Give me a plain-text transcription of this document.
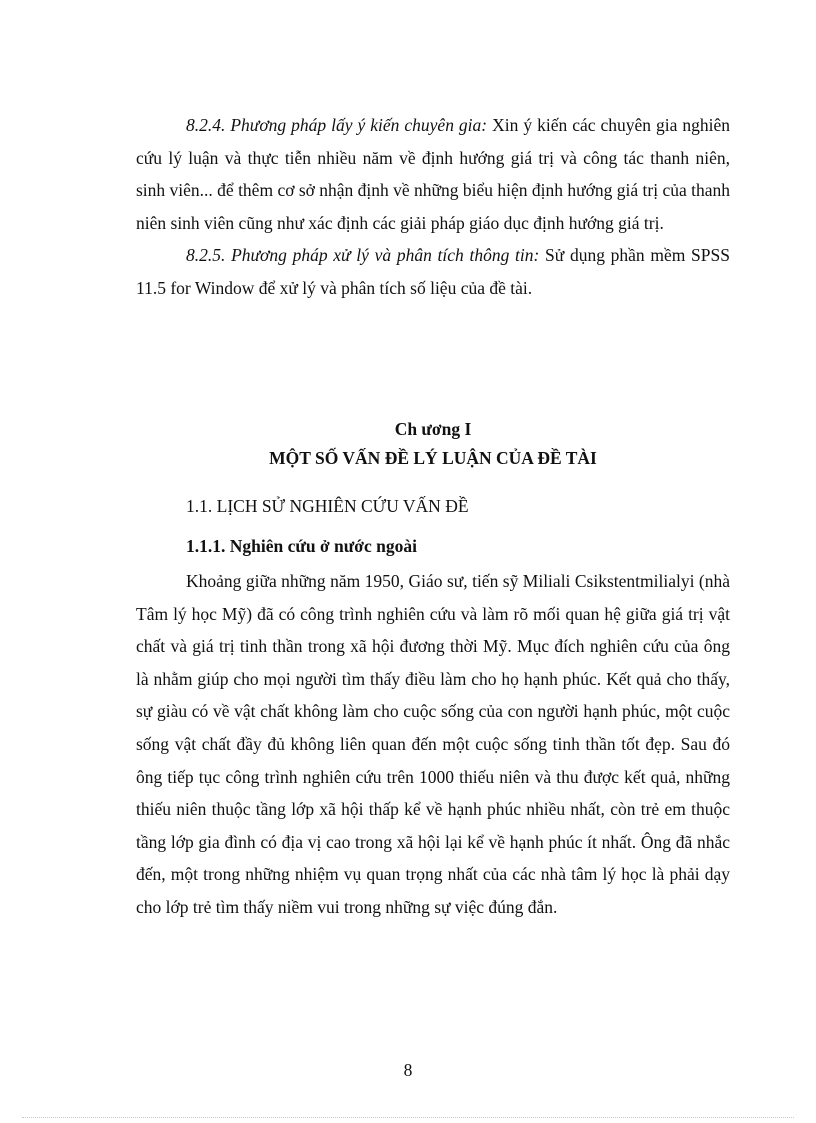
8.2.4. Phương pháp lấy ý kiến chuyên gia: Xin ý kiến các chuyên gia nghiên cứu lý luận và thực tiễn nhiều năm về định hướng giá trị và công tác thanh niên, sinh viên... để thêm cơ sở nhận định về những biểu hiện định hướng giá trị của thanh niên sinh viên cũng như xác định các giải pháp giáo dục định hướng giá trị.

8.2.5. Phương pháp xử lý và phân tích thông tin: Sử dụng phần mềm SPSS 11.5 for Window để xử lý và phân tích số liệu của đề tài.

Ch ương I

MỘT SỐ VẤN ĐỀ LÝ LUẬN CỦA ĐỀ TÀI

1.1. LỊCH SỬ NGHIÊN CỨU VẤN ĐỀ

1.1.1. Nghiên cứu ở nước ngoài

Khoảng giữa những năm 1950, Giáo sư, tiến sỹ Miliali Csikstentmilialyi (nhà Tâm lý học Mỹ) đã có công trình nghiên cứu và làm rõ mối quan hệ giữa giá trị vật chất và giá trị tinh thần trong xã hội đương thời Mỹ. Mục đích nghiên cứu của ông là nhằm giúp cho mọi người tìm thấy điều làm cho họ hạnh phúc. Kết quả cho thấy, sự giàu có về vật chất không làm cho cuộc sống của con người hạnh phúc, một cuộc sống vật chất đầy đủ không liên quan đến một cuộc sống tinh thần tốt đẹp. Sau đó ông tiếp tục công trình nghiên cứu trên 1000 thiếu niên và thu được kết quả, những thiếu niên thuộc tầng lớp xã hội thấp kể về hạnh phúc nhiều nhất, còn trẻ em thuộc tầng lớp gia đình có địa vị cao trong xã hội lại kể về hạnh phúc ít nhất. Ông đã nhắc đến, một trong những nhiệm vụ quan trọng nhất của các nhà tâm lý học là phải dạy cho lớp trẻ tìm thấy niềm vui trong những sự việc đúng đắn.

8
